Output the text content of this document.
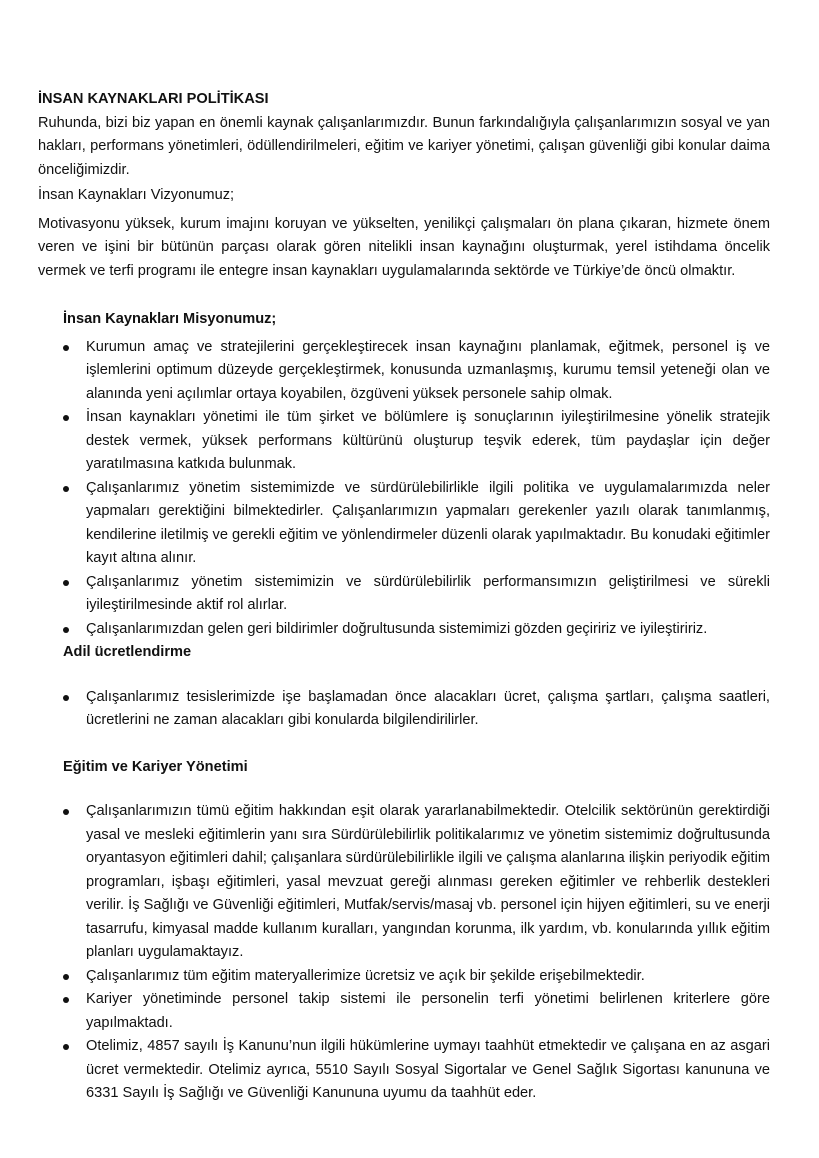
İNSAN KAYNAKLARI POLİTİKASI

Ruhunda, bizi biz yapan en önemli kaynak çalışanlarımızdır. Bunun farkındalığıyla çalışanlarımızın sosyal ve yan hakları, performans yönetimleri, ödüllendirilmeleri, eğitim ve kariyer yönetimi, çalışan güvenliği gibi konular daima önceliğimizdir.

İnsan Kaynakları Vizyonumuz;

Motivasyonu yüksek, kurum imajını koruyan ve yükselten, yenilikçi çalışmaları ön plana çıkaran, hizmete önem veren ve işini bir bütünün parçası olarak gören nitelikli insan kaynağını oluşturmak, yerel istihdama öncelik vermek ve terfi programı ile entegre insan kaynakları uygulamalarında sektörde ve Türkiye’de öncü olmaktır.

İnsan Kaynakları Misyonumuz;

Kurumun amaç ve stratejilerini gerçekleştirecek insan kaynağını planlamak, eğitmek, personel iş ve işlemlerini optimum düzeyde gerçekleştirmek, konusunda uzmanlaşmış, kurumu temsil yeteneği olan ve alanında yeni açılımlar ortaya koyabilen, özgüveni yüksek personele sahip olmak.
İnsan kaynakları yönetimi ile tüm şirket ve bölümlere iş sonuçlarının iyileştirilmesine yönelik stratejik destek vermek, yüksek performans kültürünü oluşturup teşvik ederek, tüm paydaşlar için değer yaratılmasına katkıda bulunmak.
Çalışanlarımız yönetim sistemimizde ve sürdürülebilirlikle ilgili politika ve uygulamalarımızda neler yapmaları gerektiğini bilmektedirler. Çalışanlarımızın yapmaları gerekenler yazılı olarak tanımlanmış, kendilerine iletilmiş ve gerekli eğitim ve yönlendirmeler düzenli olarak yapılmaktadır. Bu konudaki eğitimler kayıt altına alınır.
Çalışanlarımız yönetim sistemimizin ve sürdürülebilirlik performansımızın geliştirilmesi ve sürekli iyileştirilmesinde aktif rol alırlar.
Çalışanlarımızdan gelen geri bildirimler doğrultusunda sistemimizi gözden geçiririz ve iyileştiririz.

Adil ücretlendirme

Çalışanlarımız tesislerimizde işe başlamadan önce alacakları ücret, çalışma şartları, çalışma saatleri, ücretlerini ne zaman alacakları gibi konularda bilgilendirilirler.

Eğitim ve Kariyer Yönetimi

Çalışanlarımızın tümü eğitim hakkından eşit olarak yararlanabilmektedir. Otelcilik sektörünün gerektirdiği yasal ve mesleki eğitimlerin yanı sıra Sürdürülebilirlik politikalarımız ve yönetim sistemimiz doğrultusunda oryantasyon eğitimleri dahil; çalışanlara sürdürülebilirlikle ilgili ve çalışma alanlarına ilişkin periyodik eğitim programları, işbaşı eğitimleri, yasal mevzuat gereği alınması gereken eğitimler ve rehberlik destekleri verilir. İş Sağlığı ve Güvenliği eğitimleri, Mutfak/servis/masaj vb. personel için hijyen eğitimleri, su ve enerji tasarrufu, kimyasal madde kullanım kuralları, yangından korunma, ilk yardım, vb. konularında yıllık eğitim planları uygulamaktayız.
Çalışanlarımız tüm eğitim materyallerimize ücretsiz ve açık bir şekilde erişebilmektedir.
Kariyer yönetiminde personel takip sistemi ile personelin terfi yönetimi belirlenen kriterlere göre yapılmaktadı.
Otelimiz, 4857 sayılı İş Kanunu’nun ilgili hükümlerine uymayı taahhüt etmektedir ve çalışana en az asgari ücret vermektedir. Otelimiz ayrıca, 5510 Sayılı Sosyal Sigortalar ve Genel Sağlık Sigortası kanununa ve 6331 Sayılı İş Sağlığı ve Güvenliği Kanununa uyumu da taahhüt eder.
